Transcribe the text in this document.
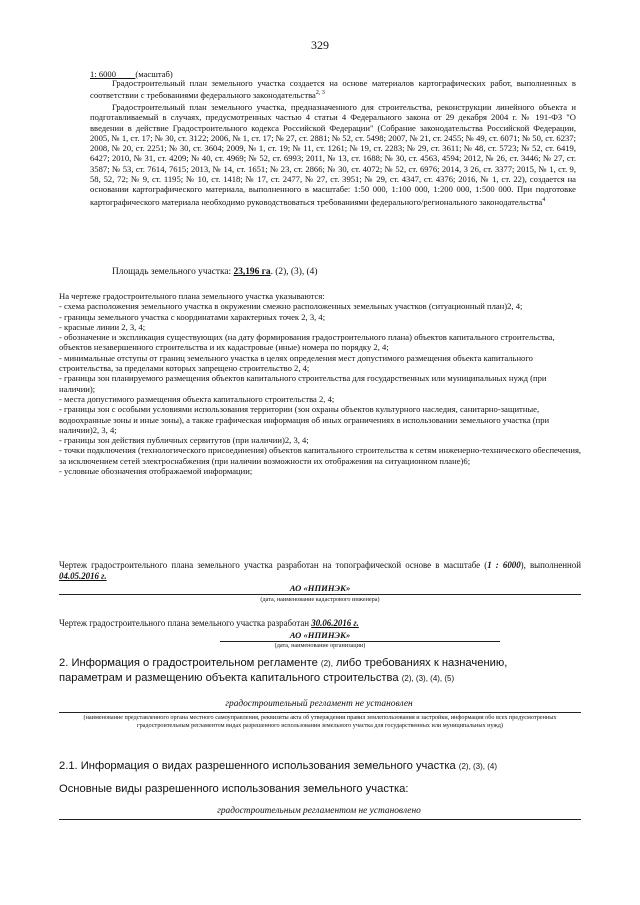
329
1: 6000 (масштаб)
Градостроительный план земельного участка создается на основе материалов картографических работ, выполненных в соответствии с требованиями федерального законодательства$^{2, 3}$
Градостроительный план земельного участка, предназначенного для строительства, реконструкции линейного объекта и подготавливаемый в случаях, предусмотренных частью 4 статьи 4 Федерального закона от 29 декабря 2004 г. № 191-ФЗ "О введении в действие Градостроительного кодекса Российской Федерации" (Собрание законодательства Российской Федерации, 2005, № 1, ст. 17; № 30, ст. 3122; 2006, № 1, ст. 17; № 27, ст. 2881; № 52, ст. 5498; 2007, № 21, ст. 2455; № 49, ст. 6071; № 50, ст. 6237; 2008, № 20, ст. 2251; № 30, ст. 3604; 2009, № 1, ст. 19; № 11, ст. 1261; № 19, ст. 2283; № 29, ст. 3611; № 48, ст. 5723; № 52, ст. 6419, 6427; 2010, № 31, ст. 4209; № 40, ст. 4969; № 52, ст. 6993; 2011, № 13, ст. 1688; № 30, ст. 4563, 4594; 2012, № 26, ст. 3446; № 27, ст. 3587; № 53, ст. 7614, 7615; 2013, № 14, ст. 1651; № 23, ст. 2866; № 30, ст. 4072; № 52, ст. 6976; 2014, 3 26, ст. 3377; 2015, № 1, ст. 9, 58, 52, 72; № 9, ст. 1195; № 10, ст. 1418; № 17, ст. 2477, № 27, ст. 3951; № 29, ст. 4347, ст. 4376; 2016, № 1, ст. 22), создается на основании картографического материала, выполненного в масштабе: 1:50 000, 1:100 000, 1:200 000, 1:500 000. При подготовке картографического материала необходимо руководствоваться требованиями федерального/регионального законодательства$^4$
Площадь земельного участка: 23,196 га. (2), (3), (4)
На чертеже градостроительного плана земельного участка указываются:
- схема расположения земельного участка в окружении смежно расположенных земельных участков (ситуационный план)2, 4;
- границы земельного участка с координатами характерных точек 2, 3, 4;
- красные линии 2, 3, 4;
- обозначение и экспликация существующих (на дату формирования градостроительного плана) объектов капитального строительства, объектов незавершенного строительства и их кадастровые (иные) номера по порядку 2, 4;
- минимальные отступы от границ земельного участка в целях определения мест допустимого размещения объекта капитального строительства, за пределами которых запрещено строительство 2, 4;
- границы зон планируемого размещения объектов капитального строительства для государственных или муниципальных нужд (при наличии);
- места допустимого размещения объекта капитального строительства 2, 4;
- границы зон с особыми условиями использования территории (зон охраны объектов культурного наследия, санитарно-защитные, водоохранные зоны и иные зоны), а также графическая информация об иных ограничениях в использовании земельного участка (при наличии)2, 3, 4;
- границы зон действия публичных сервитутов (при наличии)2, 3, 4;
- точки подключения (технологического присоединения) объектов капитального строительства к сетям инженерно-технического обеспечения, за исключением сетей электроснабжения (при наличии возможности их отображения на ситуационном плане)6;
- условные обозначения отображаемой информации;
Чертеж градостроительного плана земельного участка разработан на топографической основе в масштабе (1 : 6000), выполненной 04.05.2016 г.
АО «НПИНЭК»
(дата, наименование кадастрового инженера)
Чертеж градостроительного плана земельного участка разработан 30.06.2016 г.
АО «НПИНЭК»
(дата, наименование организации)
2. Информация о градостроительном регламенте (2), либо требованиях к назначению,
параметрам и размещению объекта капитального строительства (2), (3), (4), (5)
градостроительный регламент не установлен
(наименование представленного органа местного самоуправления, реквизиты акта об утверждении правил землепользования и застройки, информация обо всех предусмотренных градостроительным регламентом видах разрешенного использования земельного участка для государственных или муниципальных нужд)
2.1. Информация о видах разрешенного использования земельного участка (2), (3), (4)
Основные виды разрешенного использования земельного участка:
градостроительным регламентом не установлено
